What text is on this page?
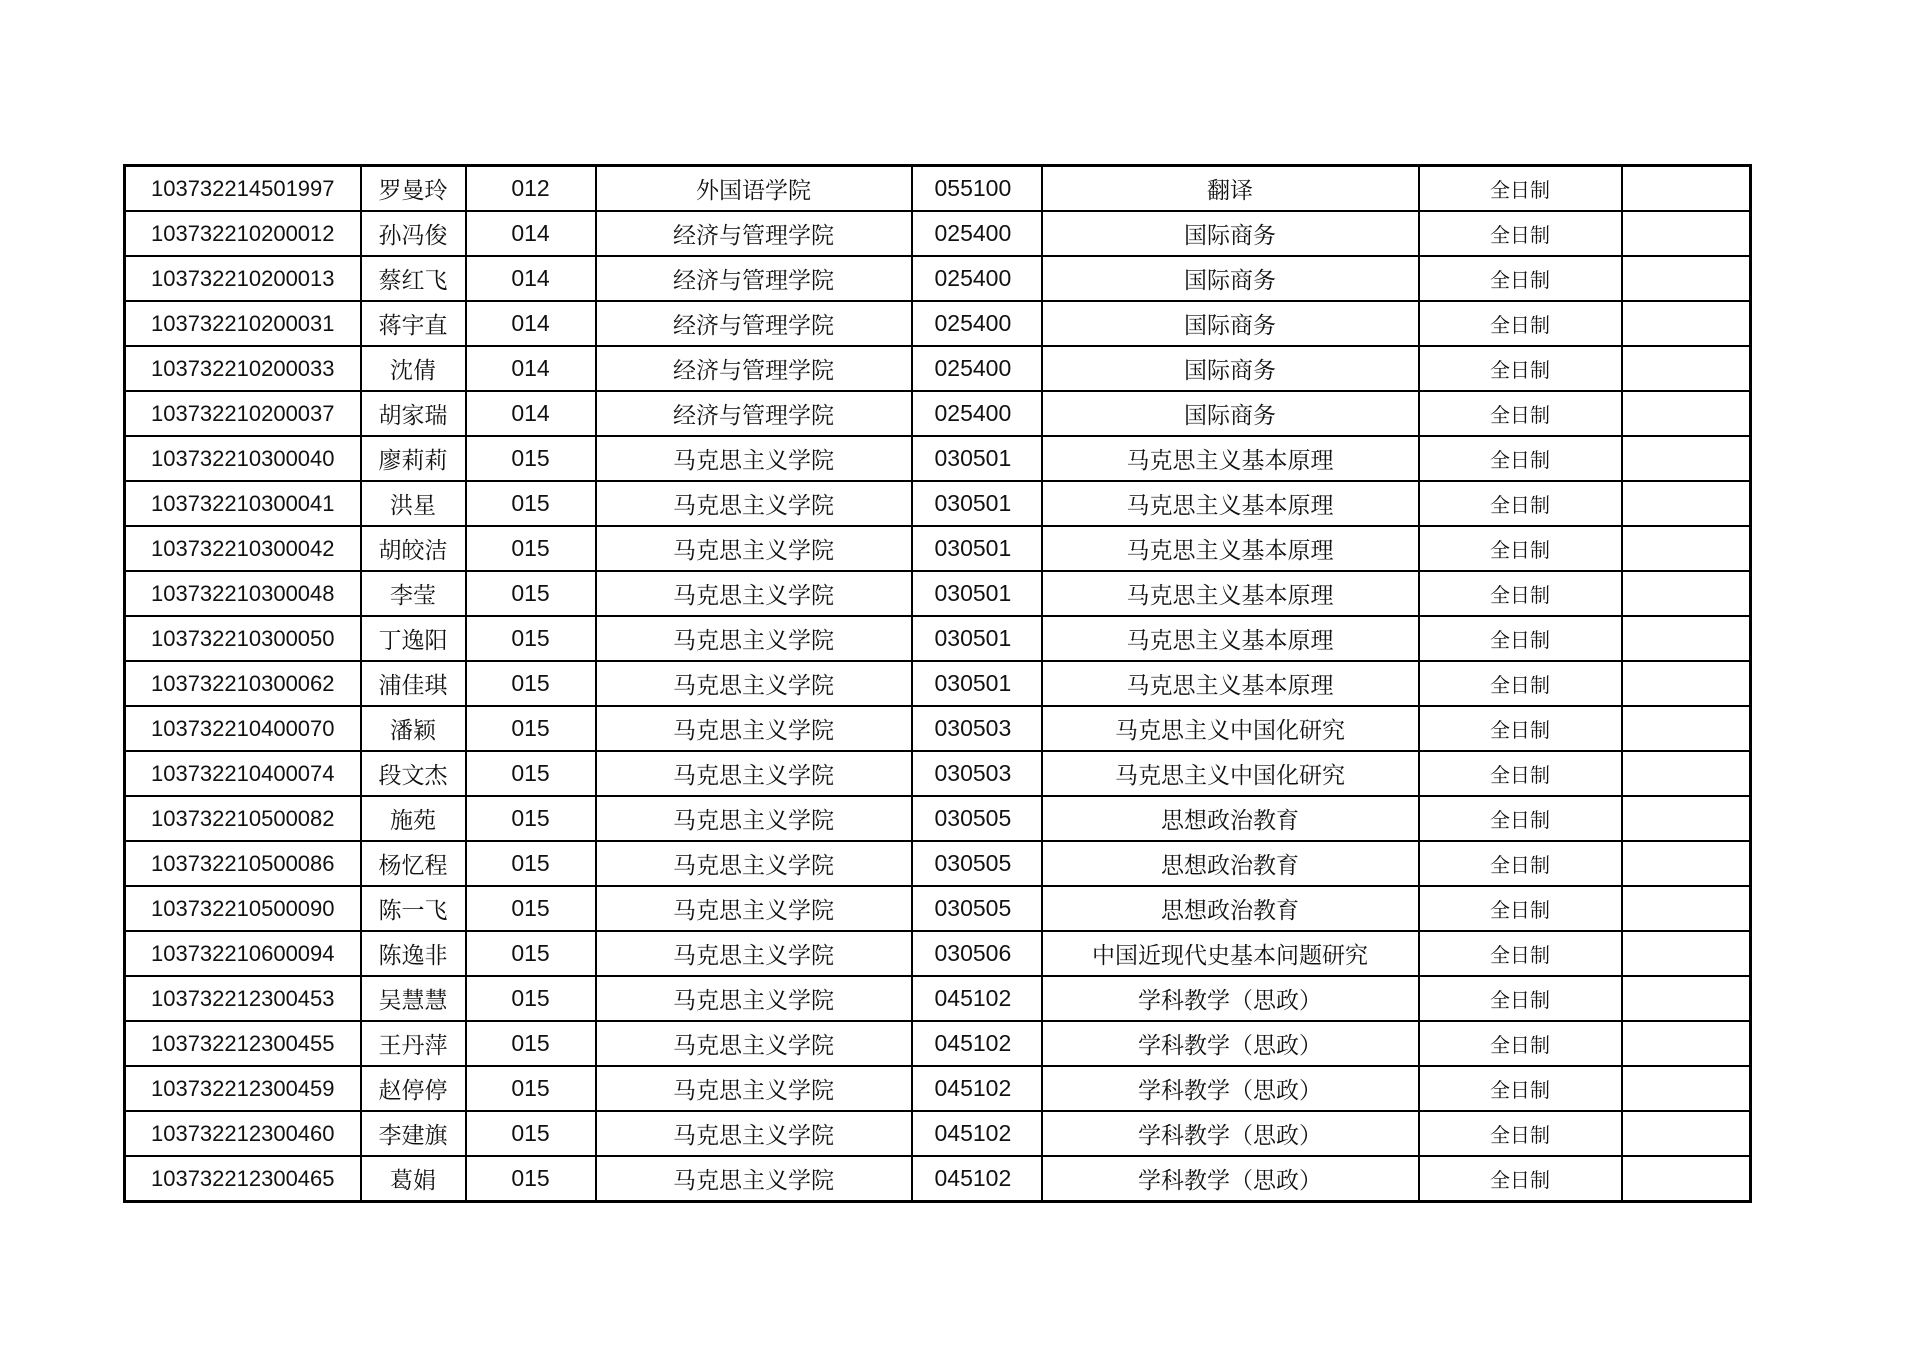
103732214501997	罗曼玲	012	外国语学院	055100	翻译	全日制	
103732210200012	孙冯俊	014	经济与管理学院	025400	国际商务	全日制	
103732210200013	蔡红飞	014	经济与管理学院	025400	国际商务	全日制	
103732210200031	蒋宇直	014	经济与管理学院	025400	国际商务	全日制	
103732210200033	沈倩	014	经济与管理学院	025400	国际商务	全日制	
103732210200037	胡家瑞	014	经济与管理学院	025400	国际商务	全日制	
103732210300040	廖莉莉	015	马克思主义学院	030501	马克思主义基本原理	全日制	
103732210300041	洪星	015	马克思主义学院	030501	马克思主义基本原理	全日制	
103732210300042	胡皎洁	015	马克思主义学院	030501	马克思主义基本原理	全日制	
103732210300048	李莹	015	马克思主义学院	030501	马克思主义基本原理	全日制	
103732210300050	丁逸阳	015	马克思主义学院	030501	马克思主义基本原理	全日制	
103732210300062	浦佳琪	015	马克思主义学院	030501	马克思主义基本原理	全日制	
103732210400070	潘颖	015	马克思主义学院	030503	马克思主义中国化研究	全日制	
103732210400074	段文杰	015	马克思主义学院	030503	马克思主义中国化研究	全日制	
103732210500082	施苑	015	马克思主义学院	030505	思想政治教育	全日制	
103732210500086	杨忆程	015	马克思主义学院	030505	思想政治教育	全日制	
103732210500090	陈一飞	015	马克思主义学院	030505	思想政治教育	全日制	
103732210600094	陈逸非	015	马克思主义学院	030506	中国近现代史基本问题研究	全日制	
103732212300453	吴慧慧	015	马克思主义学院	045102	学科教学（思政）	全日制	
103732212300455	王丹萍	015	马克思主义学院	045102	学科教学（思政）	全日制	
103732212300459	赵停停	015	马克思主义学院	045102	学科教学（思政）	全日制	
103732212300460	李建旗	015	马克思主义学院	045102	学科教学（思政）	全日制	
103732212300465	葛娟	015	马克思主义学院	045102	学科教学（思政）	全日制	
